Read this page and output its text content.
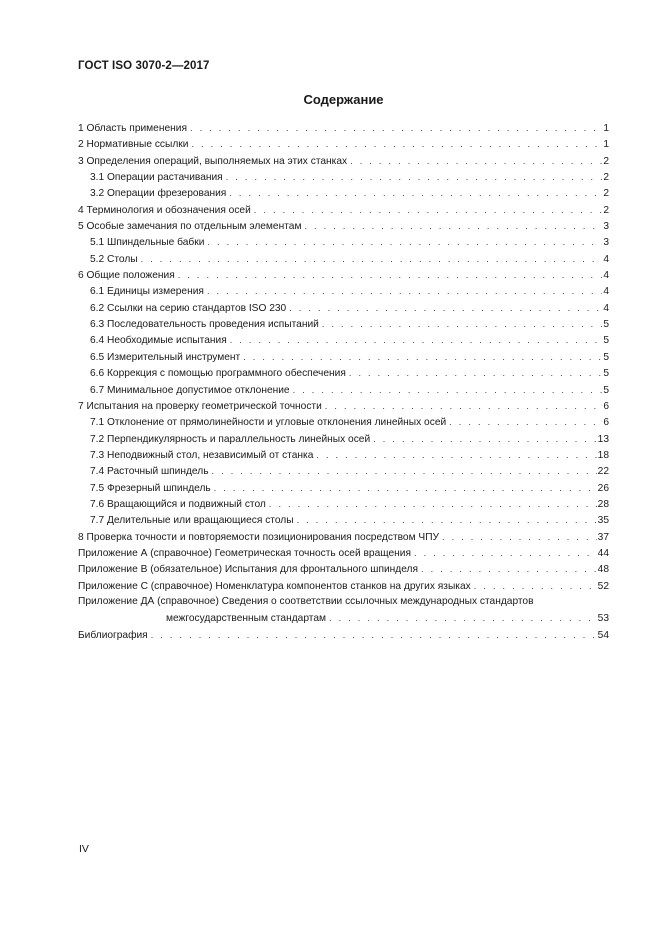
ГОСТ ISO 3070-2—2017
Содержание
1 Область применения . . .	1
2 Нормативные ссылки . . .	1
3 Определения операций, выполняемых на этих станках . . .	2
3.1 Операции растачивания . . .	2
3.2 Операции фрезерования . . .	2
4 Терминология и обозначения осей . . .	2
5 Особые замечания по отдельным элементам . . .	3
5.1 Шпиндельные бабки . . .	3
5.2 Столы . . .	4
6 Общие положения . . .	4
6.1 Единицы измерения . . .	4
6.2 Ссылки на серию стандартов ISO 230 . . .	4
6.3 Последовательность проведения испытаний . . .	5
6.4 Необходимые испытания . . .	5
6.5 Измерительный инструмент . . .	5
6.6 Коррекция с помощью программного обеспечения . . .	5
6.7 Минимальное допустимое отклонение . . .	5
7 Испытания на проверку геометрической точности . . .	6
7.1 Отклонение от прямолинейности и угловые отклонения линейных осей . . .	6
7.2 Перпендикулярность и параллельность линейных осей . . .	13
7.3 Неподвижный стол, независимый от станка . . .	18
7.4 Расточный шпиндель . . .	22
7.5 Фрезерный шпиндель . . .	26
7.6 Вращающийся и подвижный стол . . .	28
7.7 Делительные или вращающиеся столы . . .	35
8 Проверка точности и повторяемости позиционирования посредством ЧПУ . . .	37
Приложение А (справочное) Геометрическая точность осей вращения . . .	44
Приложение В (обязательное) Испытания для фронтального шпинделя . . .	48
Приложение С (справочное) Номенклатура компонентов станков на других языках . . .	52
Приложение ДА (справочное) Сведения о соответствии ссылочных международных стандартов
межгосударственным стандартам . . .	53
Библиография . . .	54
IV
